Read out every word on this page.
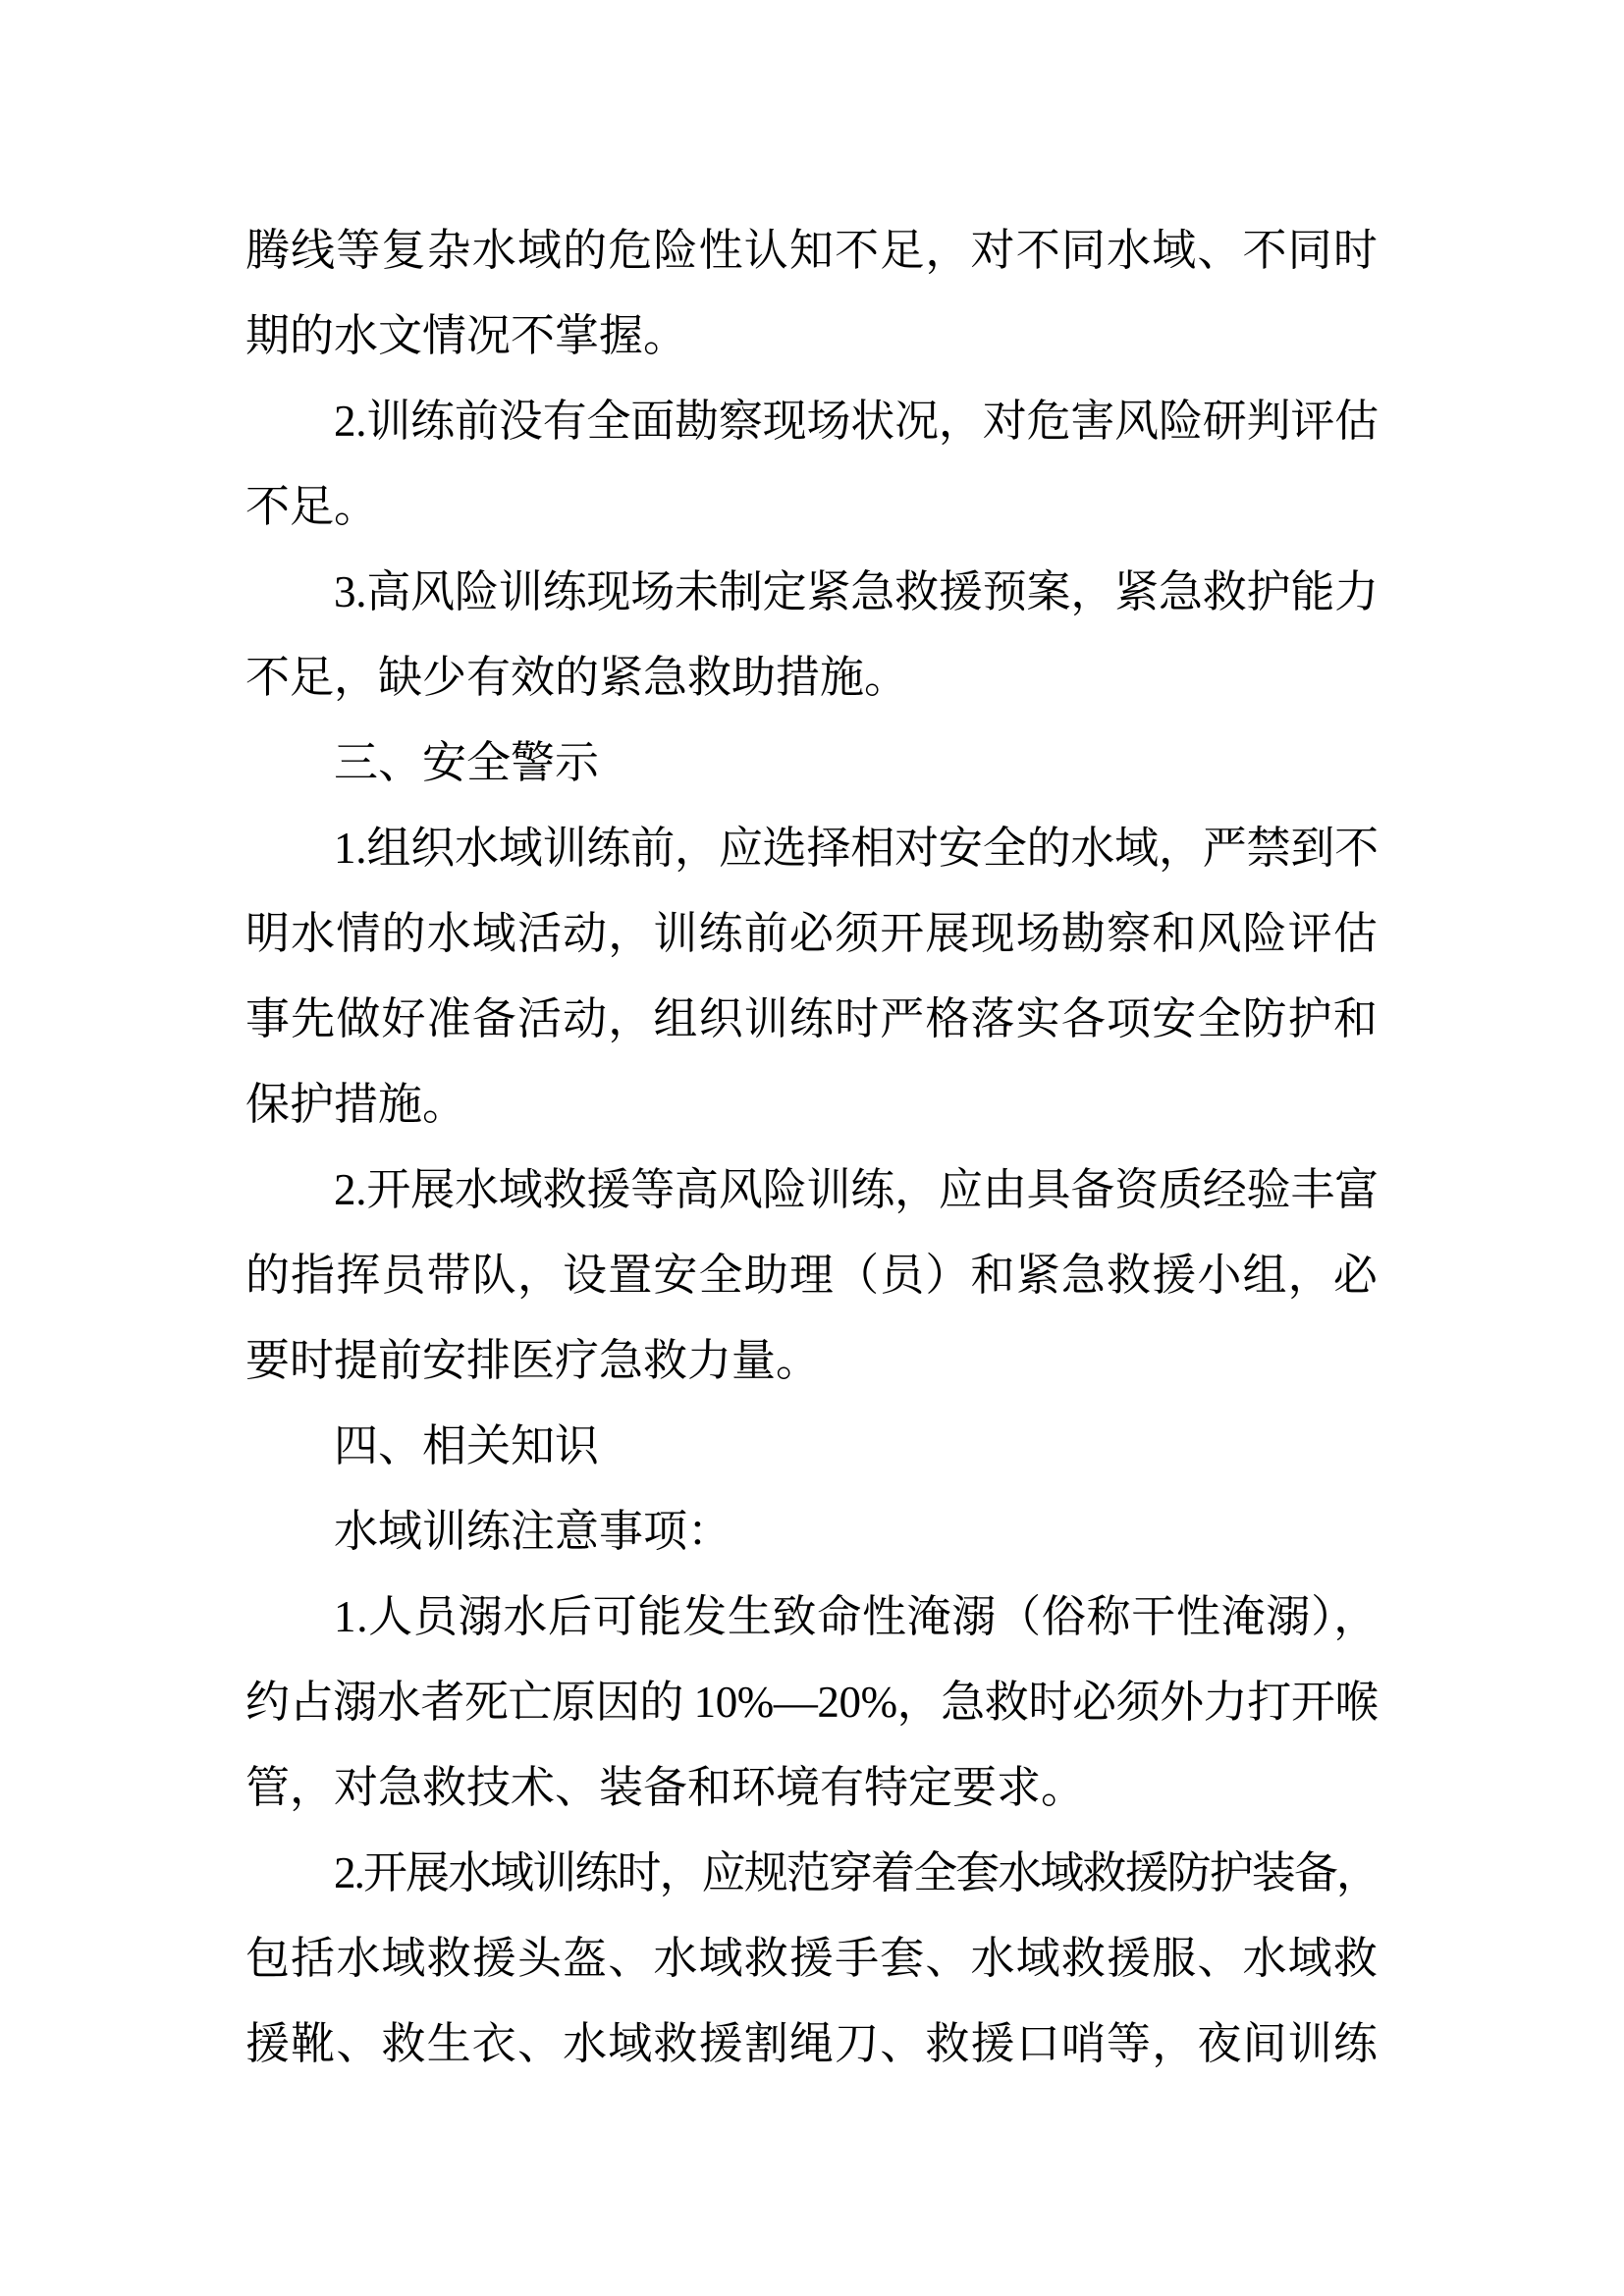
腾线等复杂水域的危险性认知不足，对不同水域、不同时
期的水文情况不掌握。
2.训练前没有全面勘察现场状况，对危害风险研判评估
不足。
3.高风险训练现场未制定紧急救援预案，紧急救护能力
不足，缺少有效的紧急救助措施。
三、安全警示
1.组织水域训练前，应选择相对安全的水域，严禁到不
明水情的水域活动，训练前必须开展现场勘察和风险评估
事先做好准备活动，组织训练时严格落实各项安全防护和
保护措施。
2.开展水域救援等高风险训练，应由具备资质经验丰富
的指挥员带队，设置安全助理（员）和紧急救援小组，必
要时提前安排医疗急救力量。
四、相关知识
水域训练注意事项：
1.人员溺水后可能发生致命性淹溺（俗称干性淹溺），
约占溺水者死亡原因的 10%—20%，急救时必须外力打开喉
管，对急救技术、装备和环境有特定要求。
2.开展水域训练时，应规范穿着全套水域救援防护装备，
包括水域救援头盔、水域救援手套、水域救援服、水域救
援靴、救生衣、水域救援割绳刀、救援口哨等，夜间训练
